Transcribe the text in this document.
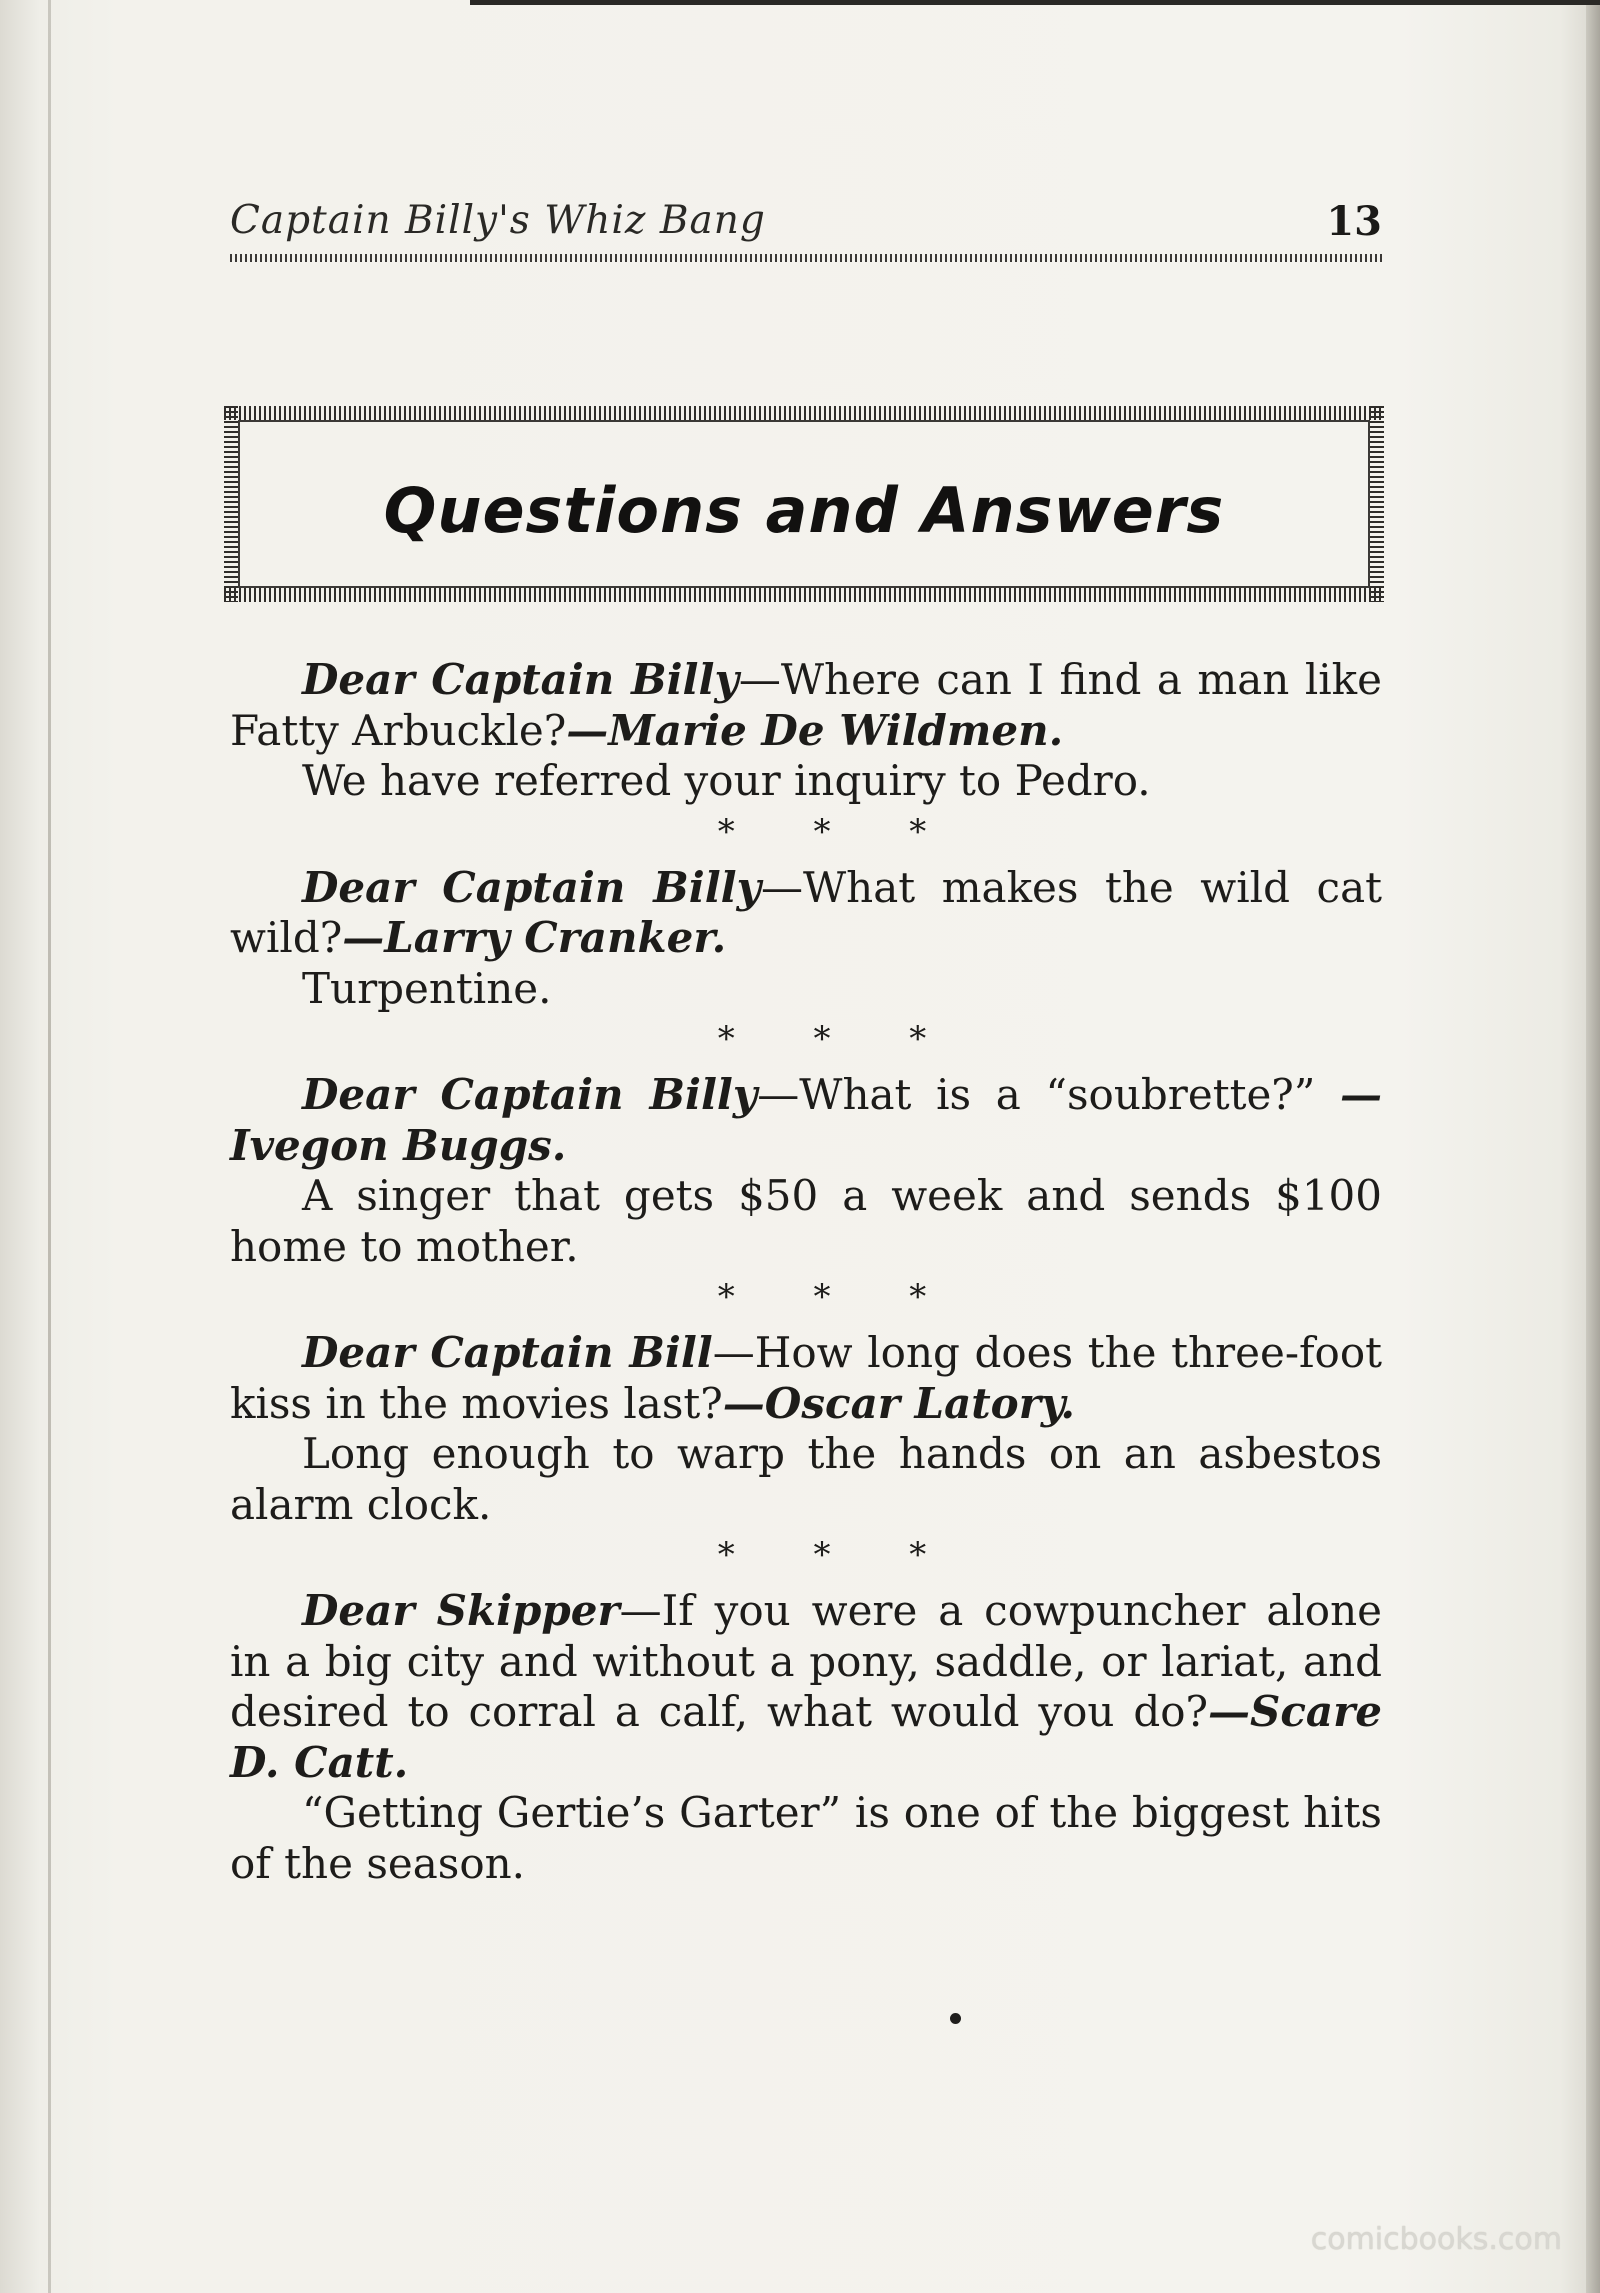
Captain Billy's Whiz Bang	13
Questions and Answers

Dear Captain Billy—Where can I find a man like Fatty Arbuckle?—Marie De Wildmen.

We have referred your inquiry to Pedro.

* * *

Dear Captain Billy—What makes the wild cat wild?—Larry Cranker.

Turpentine.

* * *

Dear Captain Billy—What is a “soubrette?” —Ivegon Buggs.

A singer that gets $50 a week and sends $100 home to mother.

* * *

Dear Captain Bill—How long does the three-foot kiss in the movies last?—Oscar Latory.

Long enough to warp the hands on an asbestos alarm clock.

* * *

Dear Skipper—If you were a cowpuncher alone in a big city and without a pony, saddle, or lariat, and desired to corral a calf, what would you do?—Scare D. Catt.

“Getting Gertie’s Garter” is one of the biggest hits of the season.

comicbooks.com
